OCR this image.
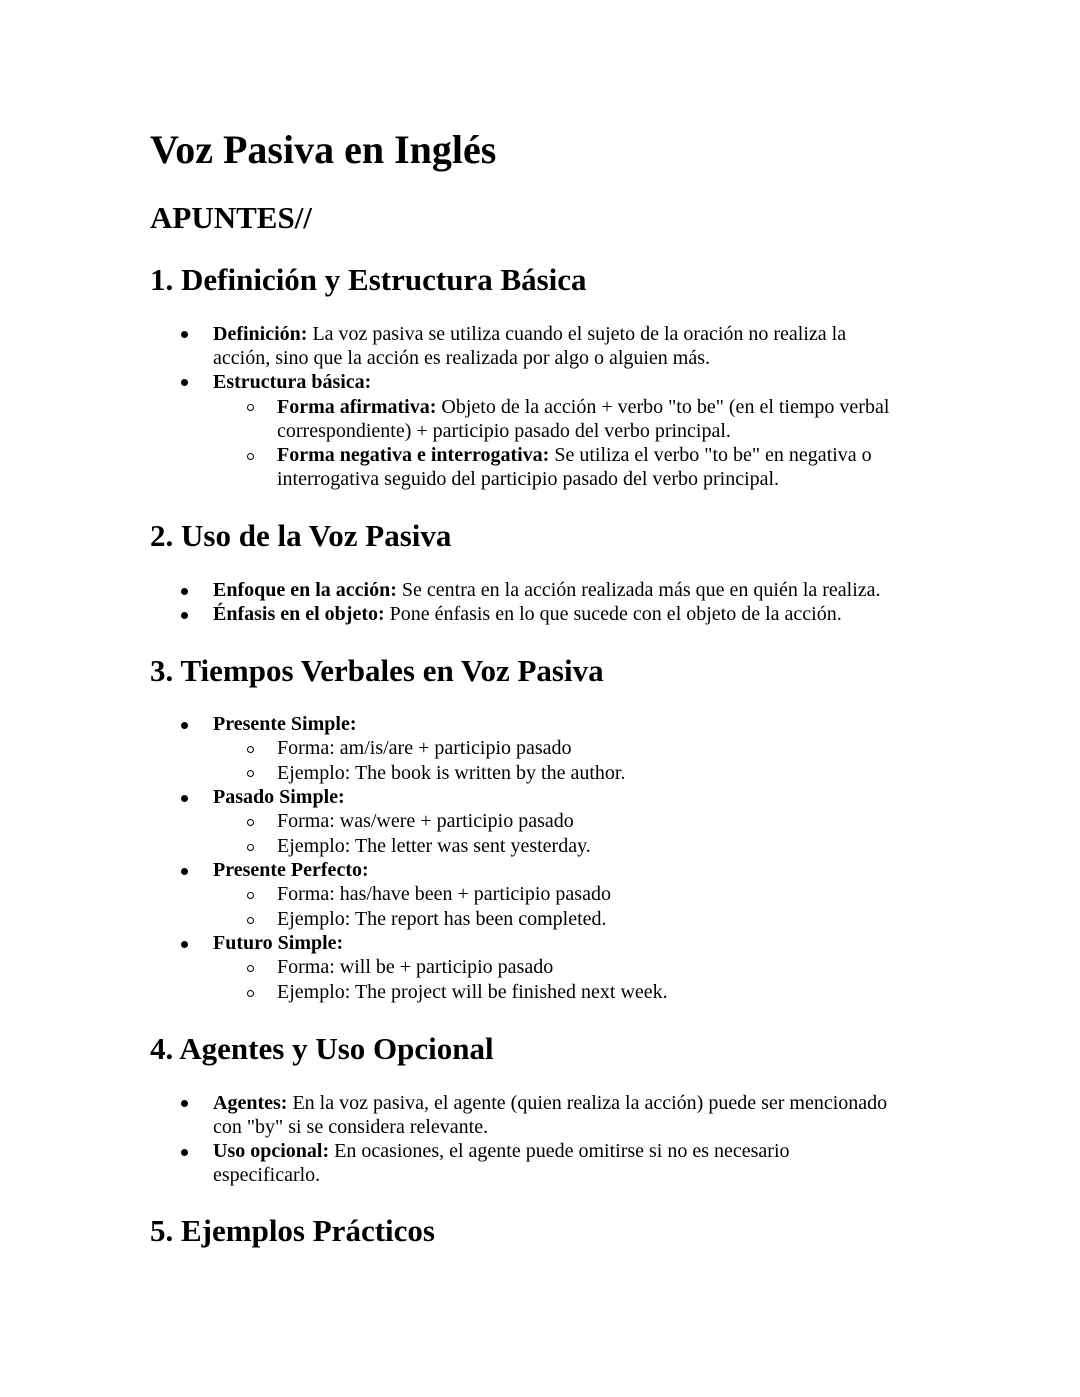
Voz Pasiva en Inglés
APUNTES//
1. Definición y Estructura Básica
Definición: La voz pasiva se utiliza cuando el sujeto de la oración no realiza la
acción, sino que la acción es realizada por algo o alguien más.
Estructura básica:
Forma afirmativa: Objeto de la acción + verbo "to be" (en el tiempo verbal
correspondiente) + participio pasado del verbo principal.
Forma negativa e interrogativa: Se utiliza el verbo "to be" en negativa o
interrogativa seguido del participio pasado del verbo principal.
2. Uso de la Voz Pasiva
Enfoque en la acción: Se centra en la acción realizada más que en quién la realiza.
Énfasis en el objeto: Pone énfasis en lo que sucede con el objeto de la acción.
3. Tiempos Verbales en Voz Pasiva
Presente Simple:
Forma: am/is/are + participio pasado
Ejemplo: The book is written by the author.
Pasado Simple:
Forma: was/were + participio pasado
Ejemplo: The letter was sent yesterday.
Presente Perfecto:
Forma: has/have been + participio pasado
Ejemplo: The report has been completed.
Futuro Simple:
Forma: will be + participio pasado
Ejemplo: The project will be finished next week.
4. Agentes y Uso Opcional
Agentes: En la voz pasiva, el agente (quien realiza la acción) puede ser mencionado
con "by" si se considera relevante.
Uso opcional: En ocasiones, el agente puede omitirse si no es necesario
especificarlo.
5. Ejemplos Prácticos
